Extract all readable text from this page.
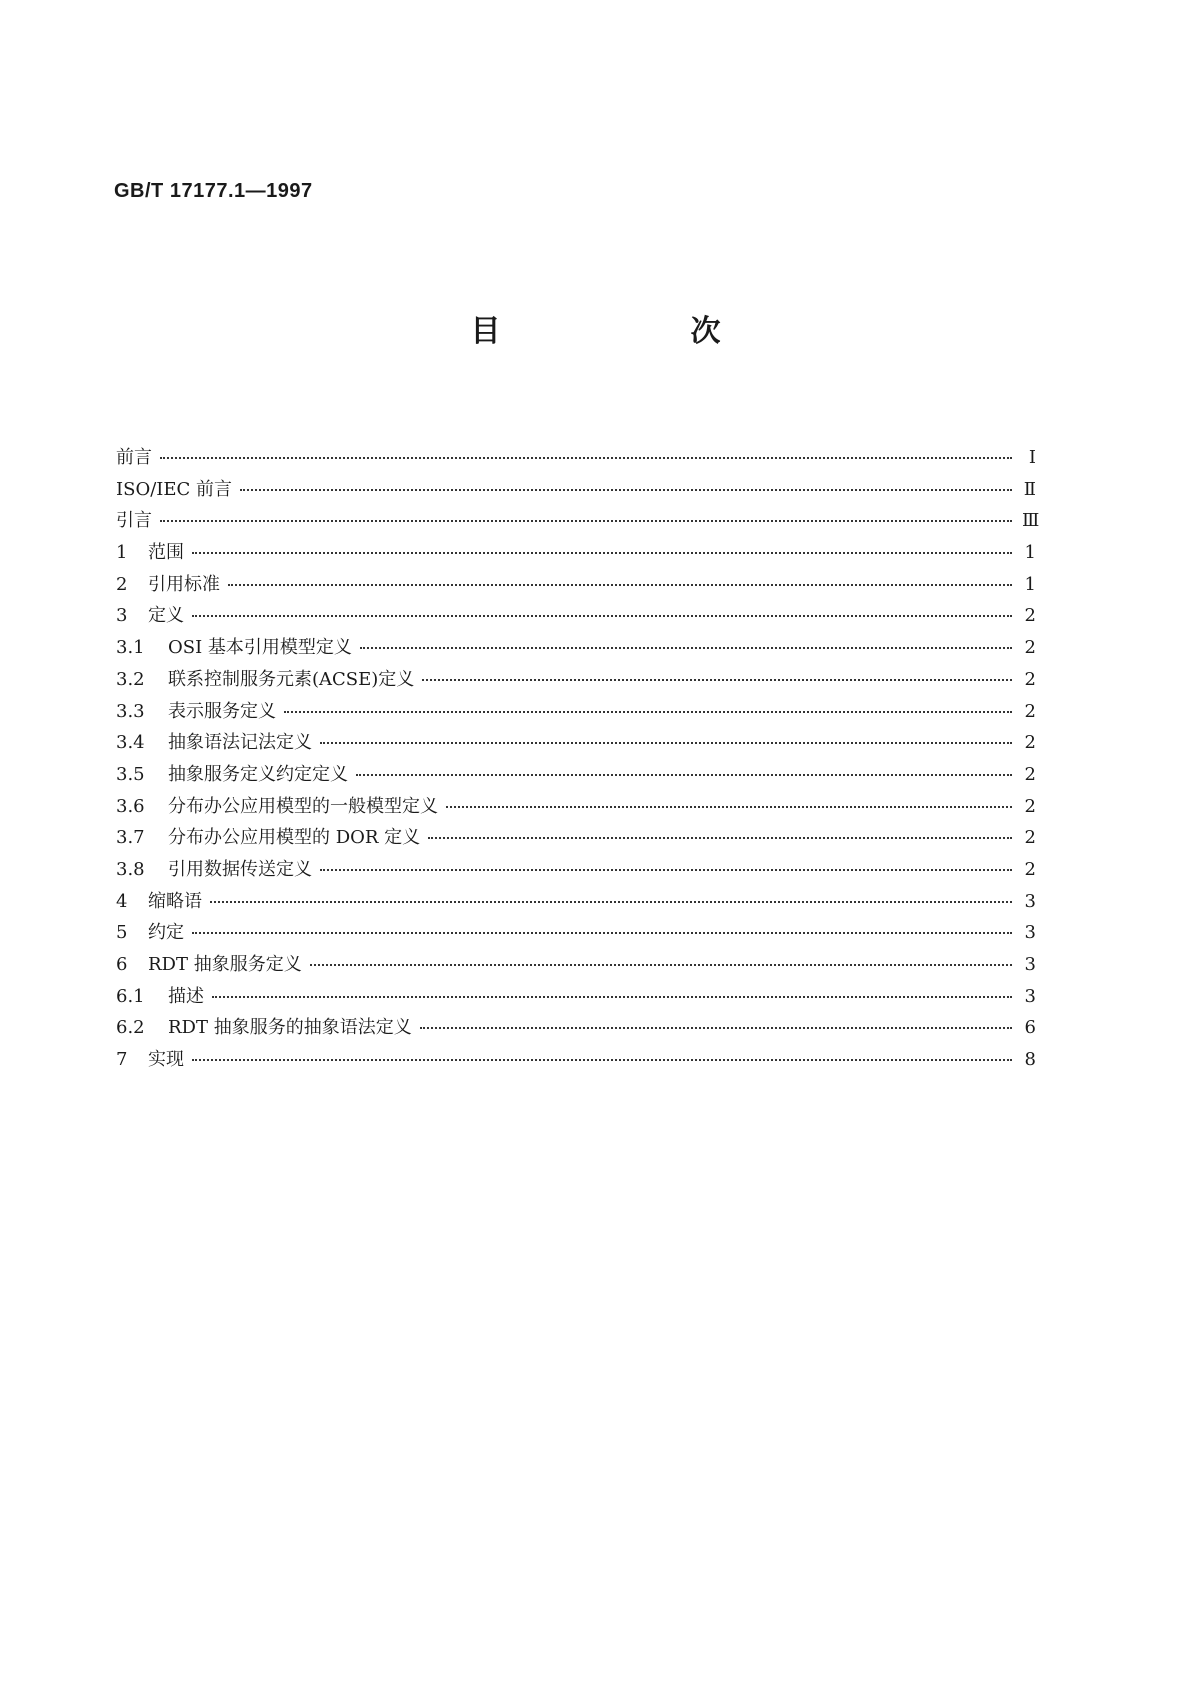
GB/T 17177.1—1997
目　次
前言	Ⅰ
ISO/IEC 前言	Ⅱ
引言	Ⅲ
1	范围	1
2	引用标准	1
3	定义	2
3.1	OSI 基本引用模型定义	2
3.2	联系控制服务元素(ACSE)定义	2
3.3	表示服务定义	2
3.4	抽象语法记法定义	2
3.5	抽象服务定义约定定义	2
3.6	分布办公应用模型的一般模型定义	2
3.7	分布办公应用模型的 DOR 定义	2
3.8	引用数据传送定义	2
4	缩略语	3
5	约定	3
6	RDT 抽象服务定义	3
6.1	描述	3
6.2	RDT 抽象服务的抽象语法定义	6
7	实现	8
